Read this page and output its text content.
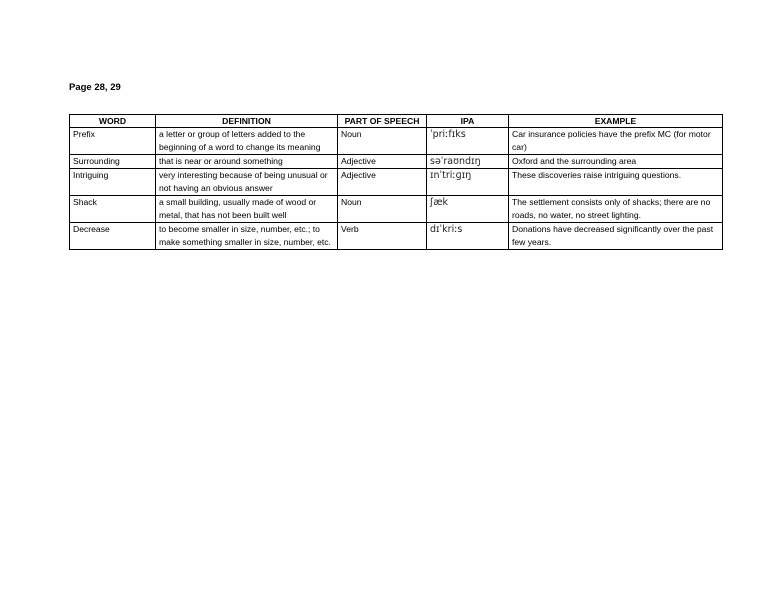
Page 28, 29
WORD	DEFINITION	PART OF SPEECH	IPA	EXAMPLE
Prefix	a letter or group of letters added to the beginning of a word to change its meaning	Noun	ˈpriːfɪks	Car insurance policies have the prefix MC (for motor car)
Surrounding	that is near or around something	Adjective	səˈraʊndɪŋ	Oxford and the surrounding area
Intriguing	very interesting because of being unusual or not having an obvious answer	Adjective	ɪnˈtriːɡɪŋ	These discoveries raise intriguing questions.
Shack	a small building, usually made of wood or metal, that has not been built well	Noun	ʃæk	The settlement consists only of shacks; there are no roads, no water, no street lighting.
Decrease	to become smaller in size, number, etc.; to make something smaller in size, number, etc.	Verb	dɪˈkriːs	Donations have decreased significantly over the past few years.
